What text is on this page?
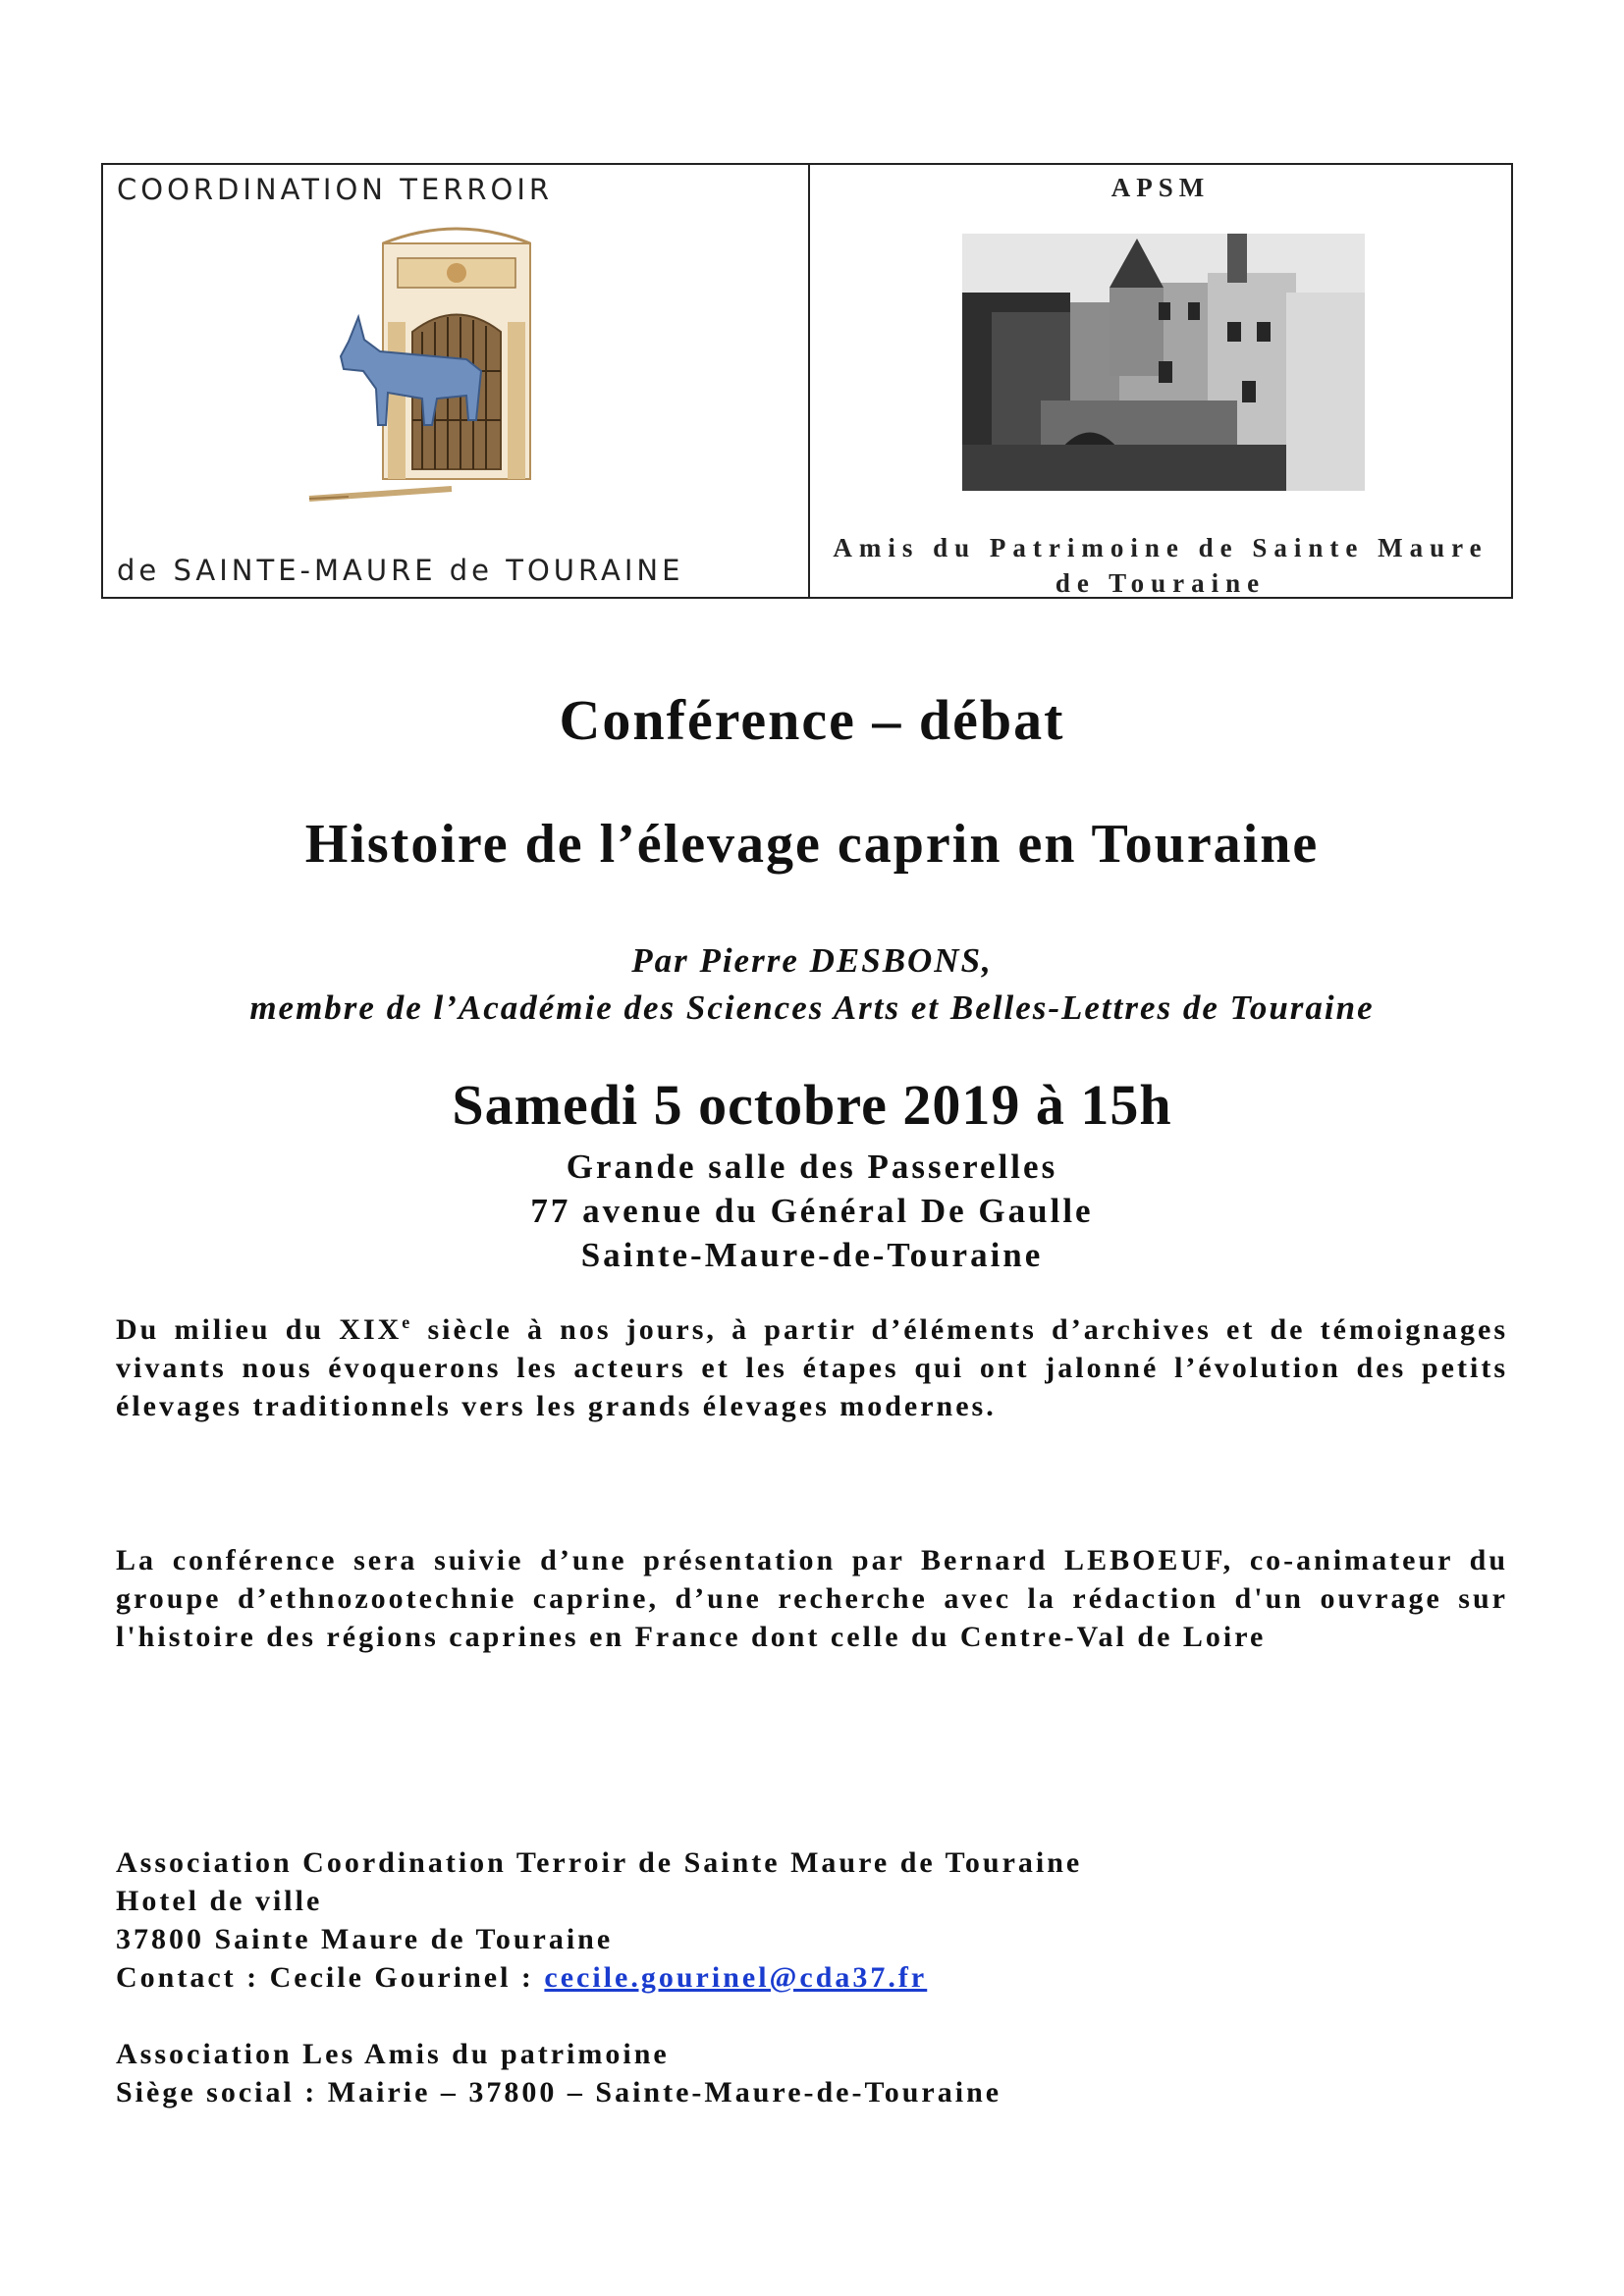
COORDINATION TERROIR
de SAINTE-MAURE de TOURAINE
APSM
Amis du Patrimoine de Sainte Maure de Touraine
Conférence – débat
Histoire de l’élevage caprin en Touraine
Par Pierre DESBONS,
membre de l’Académie des Sciences Arts et Belles-Lettres de Touraine
Samedi 5 octobre 2019 à 15h
Grande salle des Passerelles
77 avenue du Général De Gaulle
Sainte-Maure-de-Touraine
Du milieu du XIXe siècle à nos jours, à partir d’éléments d’archives et de témoignages vivants nous évoquerons les acteurs et les étapes qui ont jalonné l’évolution des petits élevages traditionnels vers les grands élevages modernes.
La conférence sera suivie d’une présentation par Bernard LEBOEUF, co-animateur du groupe d’ethnozootechnie caprine, d’une recherche avec la rédaction d'un ouvrage sur l'histoire des régions caprines en France dont celle du Centre-Val de Loire
Association Coordination Terroir de Sainte Maure de Touraine
Hotel de ville
37800 Sainte Maure de Touraine
Contact : Cecile Gourinel : cecile.gourinel@cda37.fr
Association Les Amis du patrimoine
Siège social : Mairie – 37800 – Sainte-Maure-de-Touraine
